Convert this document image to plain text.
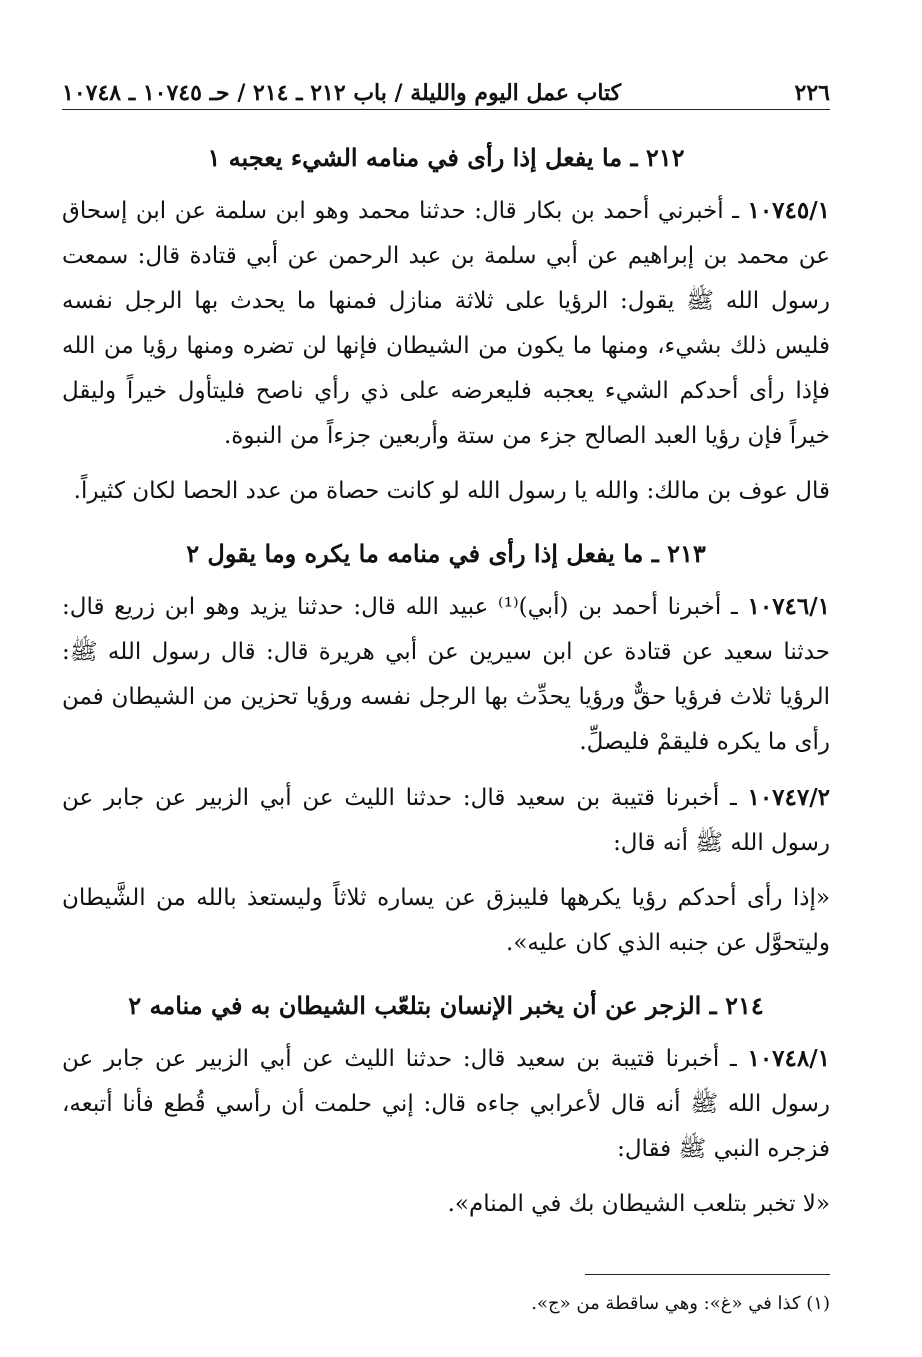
٢٢٦
كتاب عمل اليوم والليلة / باب ٢١٢ ـ ٢١٤ / حـ ١٠٧٤٥ ـ ١٠٧٤٨
٢١٢ ـ ما يفعل إذا رأى في منامه الشيء يعجبه ١

١٠٧٤٥/١ ـ أخبرني أحمد بن بكار قال: حدثنا محمد وهو ابن سلمة عن ابن إسحاق عن محمد بن إبراهيم عن أبي سلمة بن عبد الرحمن عن أبي قتادة قال: سمعت رسول الله ﷺ يقول: الرؤيا على ثلاثة منازل فمنها ما يحدث بها الرجل نفسه فليس ذلك بشيء، ومنها ما يكون من الشيطان فإنها لن تضره ومنها رؤيا من الله فإذا رأى أحدكم الشيء يعجبه فليعرضه على ذي رأي ناصح فليتأول خيراً وليقل خيراً فإن رؤيا العبد الصالح جزء من ستة وأربعين جزءاً من النبوة.

قال عوف بن مالك: والله يا رسول الله لو كانت حصاة من عدد الحصا لكان كثيراً.

٢١٣ ـ ما يفعل إذا رأى في منامه ما يكره وما يقول ٢

١٠٧٤٦/١ ـ أخبرنا أحمد بن (أبي)⁽¹⁾ عبيد الله قال: حدثنا يزيد وهو ابن زريع قال: حدثنا سعيد عن قتادة عن ابن سيرين عن أبي هريرة قال: قال رسول الله ﷺ: الرؤيا ثلاث فرؤيا حقٌّ ورؤيا يحدِّث بها الرجل نفسه ورؤيا تحزين من الشيطان فمن رأى ما يكره فليقمْ فليصلِّ.

١٠٧٤٧/٢ ـ أخبرنا قتيبة بن سعيد قال: حدثنا الليث عن أبي الزبير عن جابر عن رسول الله ﷺ أنه قال:

«إذا رأى أحدكم رؤيا يكرهها فليبزق عن يساره ثلاثاً وليستعذ بالله من الشَّيطان وليتحوَّل عن جنبه الذي كان عليه».

٢١٤ ـ الزجر عن أن يخبر الإنسان بتلعّب الشيطان به في منامه ٢

١٠٧٤٨/١ ـ أخبرنا قتيبة بن سعيد قال: حدثنا الليث عن أبي الزبير عن جابر عن رسول الله ﷺ أنه قال لأعرابي جاءه قال: إني حلمت أن رأسي قُطع فأنا أتبعه، فزجره النبي ﷺ فقال:

«لا تخبر بتلعب الشيطان بك في المنام».

(١) كذا في «غ»: وهي ساقطة من «ج».
